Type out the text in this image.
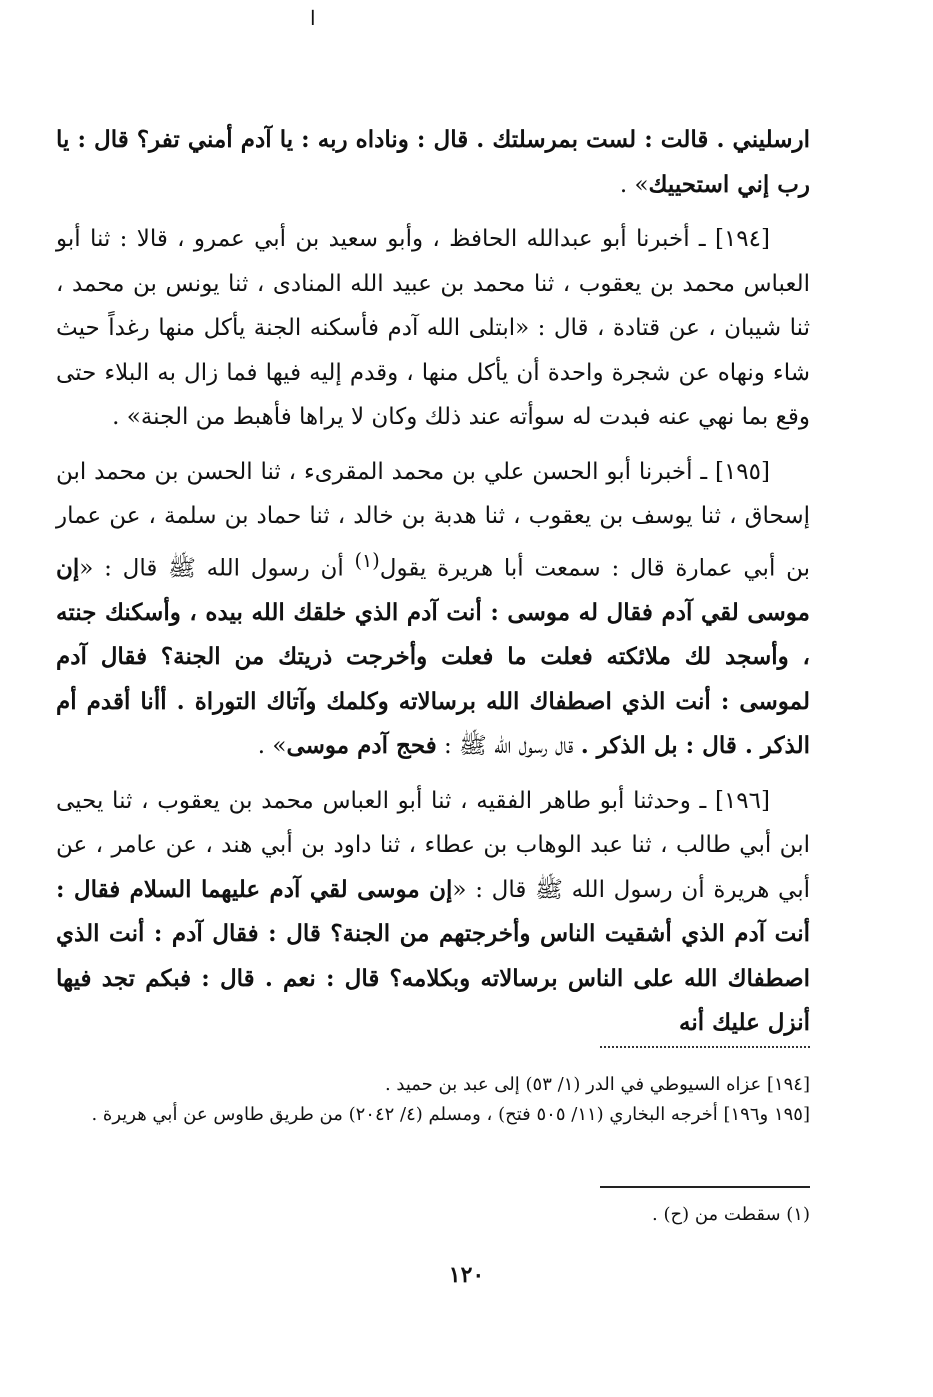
ا

ارسليني . قالت : لست بمرسلتك . قال : وناداه ربه : يا آدم أمني تفر؟ قال : يا رب إني استحييك» .

[١٩٤] ـ أخبرنا أبو عبدالله الحافظ ، وأبو سعيد بن أبي عمرو ، قالا : ثنا أبو العباس محمد بن يعقوب ، ثنا محمد بن عبيد الله المنادى ، ثنا يونس بن محمد ، ثنا شيبان ، عن قتادة ، قال : «ابتلى الله آدم فأسكنه الجنة يأكل منها رغداً حيث شاء ونهاه عن شجرة واحدة أن يأكل منها ، وقدم إليه فيها فما زال به البلاء حتى وقع بما نهي عنه فبدت له سوأته عند ذلك وكان لا يراها فأهبط من الجنة» .

[١٩٥] ـ أخبرنا أبو الحسن علي بن محمد المقرىء ، ثنا الحسن بن محمد ابن إسحاق ، ثنا يوسف بن يعقوب ، ثنا هدبة بن خالد ، ثنا حماد بن سلمة ، عن عمار بن أبي عمارة قال : سمعت أبا هريرة يقول$^{(١)}$ أن رسول الله ﷺ قال : «إن موسى لقي آدم فقال له موسى : أنت آدم الذي خلقك الله بيده ، وأسكنك جنته ، وأسجد لك ملائكته فعلت ما فعلت وأخرجت ذريتك من الجنة؟ فقال آدم لموسى : أنت الذي اصطفاك الله برسالاته وكلمك وآتاك التوراة . أأنا أقدم أم الذكر . قال : بل الذكر . قال رسول الله ﷺ : فحج آدم موسى» .

[١٩٦] ـ وحدثنا أبو طاهر الفقيه ، ثنا أبو العباس محمد بن يعقوب ، ثنا يحيى ابن أبي طالب ، ثنا عبد الوهاب بن عطاء ، ثنا داود بن أبي هند ، عن عامر ، عن أبي هريرة أن رسول الله ﷺ قال : «إن موسى لقي آدم عليهما السلام فقال : أنت آدم الذي أشقيت الناس وأخرجتهم من الجنة؟ قال : فقال آدم : أنت الذي اصطفاك الله على الناس برسالاته وبكلامه؟ قال : نعم . قال : فبكم تجد فيها أنزل عليك أنه

[١٩٤] عزاه السيوطي في الدر (١/ ٥٣) إلى عبد بن حميد .

[١٩٥ و١٩٦] أخرجه البخاري (١١/ ٥٠٥ فتح) ، ومسلم (٤/ ٢٠٤٢) من طريق طاوس عن أبي هريرة .

(١) سقطت من (ح) .

١٢٠
